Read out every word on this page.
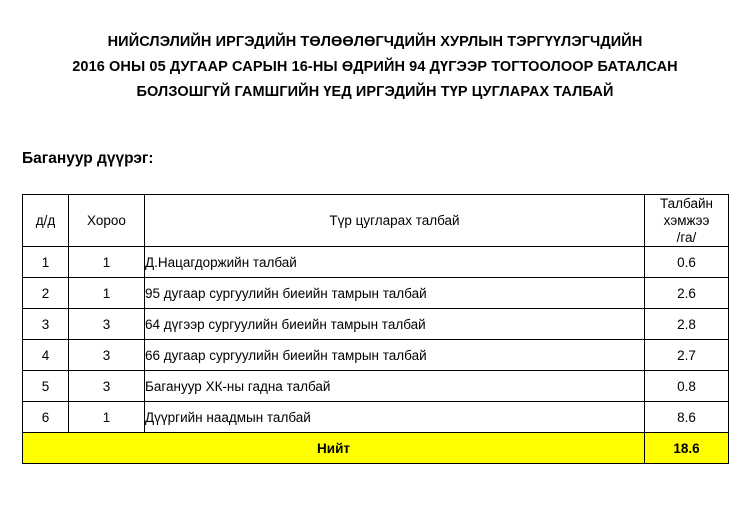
НИЙСЛЭЛИЙН ИРГЭДИЙН ТӨЛӨӨЛӨГЧДИЙН ХУРЛЫН ТЭРГҮҮЛЭГЧДИЙН
2016 ОНЫ 05 ДУГААР САРЫН 16-НЫ ӨДРИЙН 94 ДҮГЭЭР ТОГТООЛООР БАТАЛСАН
БОЛЗОШГҮЙ ГАМШГИЙН ҮЕД ИРГЭДИЙН ТҮР ЦУГЛАРАХ ТАЛБАЙ
Багануур дүүрэг:
д/д	Хороо	Түр цугларах талбай	Талбайн
хэмжээ
/га/

1	1	Д.Нацагдоржийн талбай	0.6
2	1	95 дугаар сургуулийн биеийн тамрын талбай	2.6
3	3	64 дүгээр сургуулийн биеийн тамрын талбай	2.8
4	3	66 дугаар сургуулийн биеийн тамрын талбай	2.7
5	3	Багануур ХК-ны гадна талбай	0.8
6	1	Дүүргийн наадмын талбай	8.6
Нийт			18.6
